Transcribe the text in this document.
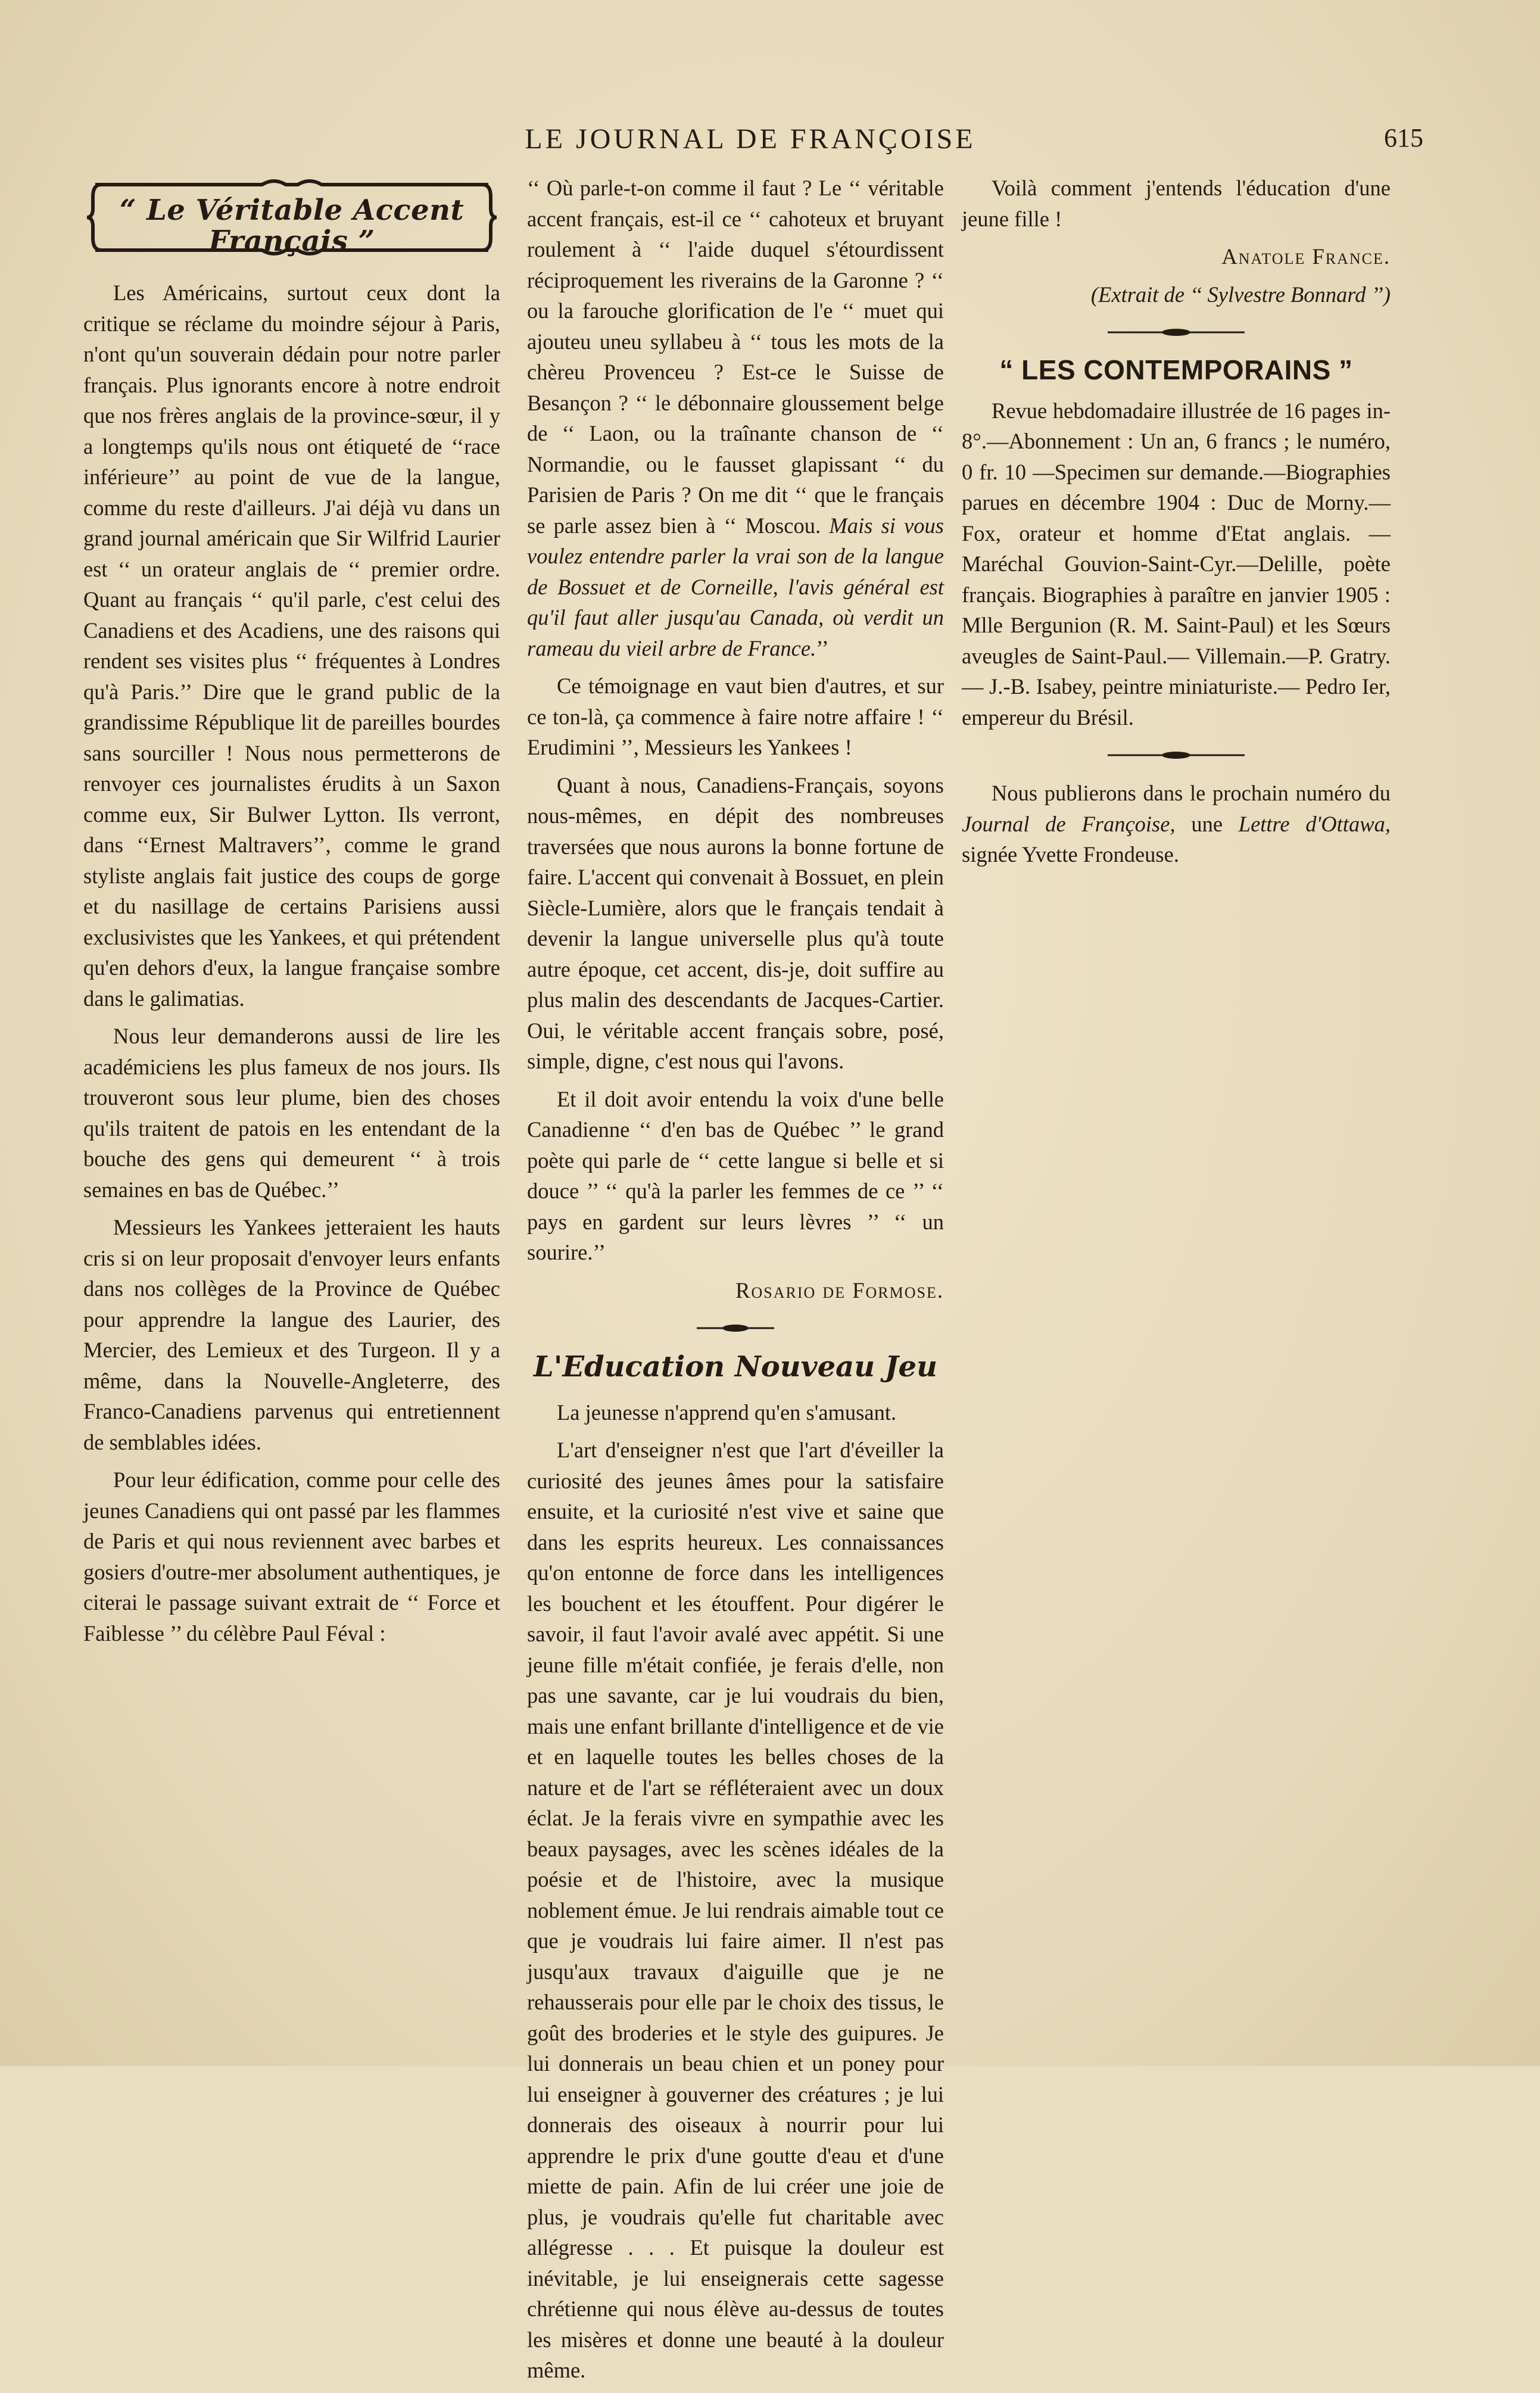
LE JOURNAL DE FRANÇOISE	615
“ Le Véritable Accent Français ”

Les Américains, surtout ceux dont la critique se réclame du moindre séjour à Paris, n'ont qu'un souverain dédain pour notre parler français. Plus ignorants encore à notre endroit que nos frères anglais de la province-sœur, il y a longtemps qu'ils nous ont étiqueté de ‘‘race inférieure’’ au point de vue de la langue, comme du reste d'ailleurs. J'ai déjà vu dans un grand journal américain que Sir Wilfrid Laurier est ‘‘ un orateur anglais de ‘‘ premier ordre. Quant au français ‘‘ qu'il parle, c'est celui des Canadiens et des Acadiens, une des raisons qui rendent ses visites plus ‘‘ fréquentes à Londres qu'à Paris.’’ Dire que le grand public de la grandissime République lit de pareilles bourdes sans sourciller ! Nous nous permetterons de renvoyer ces journalistes érudits à un Saxon comme eux, Sir Bulwer Lytton. Ils verront, dans ‘‘Ernest Maltravers’’, comme le grand styliste anglais fait justice des coups de gorge et du nasillage de certains Parisiens aussi exclusivistes que les Yankees, et qui prétendent qu'en dehors d'eux, la langue française sombre dans le galimatias.

Nous leur demanderons aussi de lire les académiciens les plus fameux de nos jours. Ils trouveront sous leur plume, bien des choses qu'ils traitent de patois en les entendant de la bouche des gens qui demeurent ‘‘ à trois semaines en bas de Québec.’’

Messieurs les Yankees jetteraient les hauts cris si on leur proposait d'envoyer leurs enfants dans nos collèges de la Province de Québec pour apprendre la langue des Laurier, des Mercier, des Lemieux et des Turgeon. Il y a même, dans la Nouvelle-Angleterre, des Franco-Canadiens parvenus qui entretiennent de semblables idées.

Pour leur édification, comme pour celle des jeunes Canadiens qui ont passé par les flammes de Paris et qui nous reviennent avec barbes et gosiers d'outre-mer absolument authentiques, je citerai le passage suivant extrait de ‘‘ Force et Faiblesse ’’ du célèbre Paul Féval :

‘‘ Où parle-t-on comme il faut ? Le ‘‘ véritable accent français, est-il ce ‘‘ cahoteux et bruyant roulement à ‘‘ l'aide duquel s'étourdissent réciproquement les riverains de la Garonne ? ‘‘ ou la farouche glorification de l'e ‘‘ muet qui ajouteu uneu syllabeu à ‘‘ tous les mots de la chèreu Provenceu ? Est-ce le Suisse de Besançon ? ‘‘ le débonnaire gloussement belge de ‘‘ Laon, ou la traînante chanson de ‘‘ Normandie, ou le fausset glapissant ‘‘ du Parisien de Paris ? On me dit ‘‘ que le français se parle assez bien à ‘‘ Moscou. Mais si vous voulez entendre parler la vrai son de la langue de Bossuet et de Corneille, l'avis général est qu'il faut aller jusqu'au Canada, où verdit un rameau du vieil arbre de France.’’

Ce témoignage en vaut bien d'autres, et sur ce ton-là, ça commence à faire notre affaire ! ‘‘ Erudimini ’’, Messieurs les Yankees !

Quant à nous, Canadiens-Français, soyons nous-mêmes, en dépit des nombreuses traversées que nous aurons la bonne fortune de faire. L'accent qui convenait à Bossuet, en plein Siècle-Lumière, alors que le français tendait à devenir la langue universelle plus qu'à toute autre époque, cet accent, dis-je, doit suffire au plus malin des descendants de Jacques-Cartier. Oui, le véritable accent français sobre, posé, simple, digne, c'est nous qui l'avons.

Et il doit avoir entendu la voix d'une belle Canadienne ‘‘ d'en bas de Québec ’’ le grand poète qui parle de ‘‘ cette langue si belle et si douce ’’ ‘‘ qu'à la parler les femmes de ce ’’ ‘‘ pays en gardent sur leurs lèvres ’’ ‘‘ un sourire.’’

Rosario de Formose.

L'Education Nouveau Jeu

La jeunesse n'apprend qu'en s'amusant.

L'art d'enseigner n'est que l'art d'éveiller la curiosité des jeunes âmes pour la satisfaire ensuite, et la curiosité n'est vive et saine que dans les esprits heureux. Les connaissances qu'on entonne de force dans les intelligences les bouchent et les étouffent. Pour digérer le savoir, il faut l'avoir avalé avec appétit. Si une jeune fille m'était confiée, je ferais d'elle, non pas une savante, car je lui voudrais du bien, mais une enfant brillante d'intelligence et de vie et en laquelle toutes les belles choses de la nature et de l'art se réfléteraient avec un doux éclat. Je la ferais vivre en sympathie avec les beaux paysages, avec les scènes idéales de la poésie et de l'histoire, avec la musique noblement émue. Je lui rendrais aimable tout ce que je voudrais lui faire aimer. Il n'est pas jusqu'aux travaux d'aiguille que je ne rehausserais pour elle par le choix des tissus, le goût des broderies et le style des guipures. Je lui donnerais un beau chien et un poney pour lui enseigner à gouverner des créatures ; je lui donnerais des oiseaux à nourrir pour lui apprendre le prix d'une goutte d'eau et d'une miette de pain. Afin de lui créer une joie de plus, je voudrais qu'elle fut charitable avec allégresse . . . Et puisque la douleur est inévitable, je lui enseignerais cette sagesse chrétienne qui nous élève au-dessus de toutes les misères et donne une beauté à la douleur même.

Voilà comment j'entends l'éducation d'une jeune fille !

Anatole France.

(Extrait de ‘‘ Sylvestre Bonnard ’’)

“ LES CONTEMPORAINS ”

Revue hebdomadaire illustrée de 16 pages in-8°.—Abonnement : Un an, 6 francs ; le numéro, 0 fr. 10 —Specimen sur demande.—Biographies parues en décembre 1904 : Duc de Morny.—Fox, orateur et homme d'Etat anglais. — Maréchal Gouvion-Saint-Cyr.—Delille, poète français. Biographies à paraître en janvier 1905 : Mlle Bergunion (R. M. Saint-Paul) et les Sœurs aveugles de Saint-Paul.— Villemain.—P. Gratry.— J.-B. Isabey, peintre miniaturiste.— Pedro Ier, empereur du Brésil.

Nous publierons dans le prochain numéro du Journal de Françoise, une Lettre d'Ottawa, signée Yvette Frondeuse.
